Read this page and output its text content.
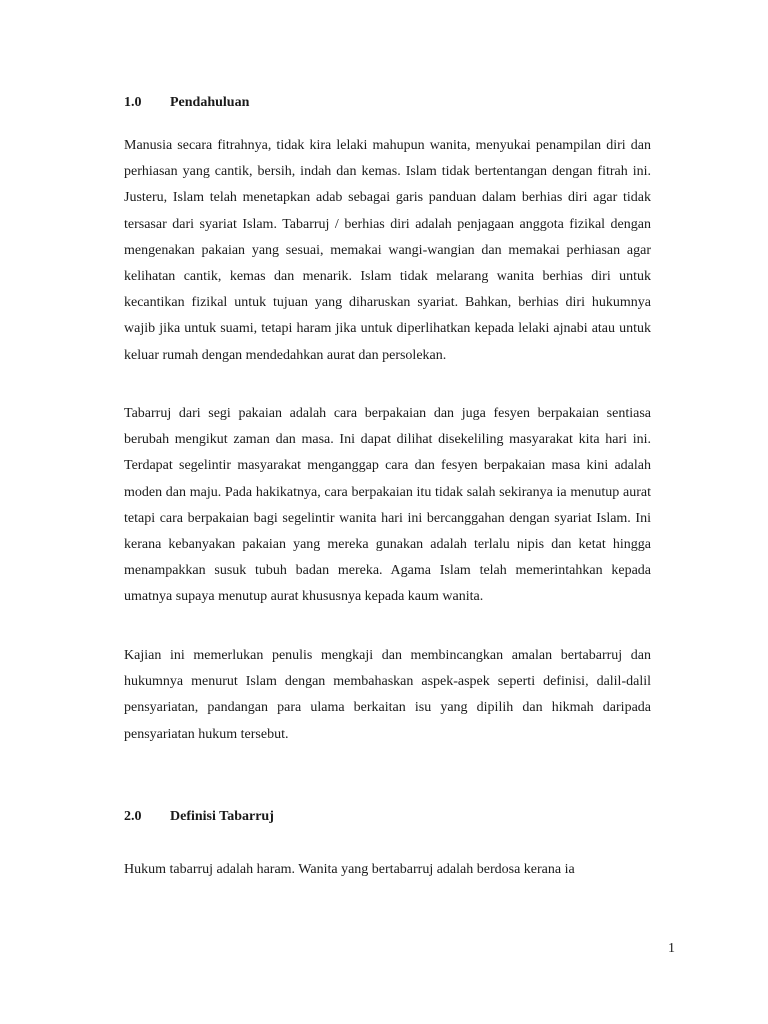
1.0 Pendahuluan

Manusia secara fitrahnya, tidak kira lelaki mahupun wanita, menyukai penampilan diri dan perhiasan yang cantik, bersih, indah dan kemas. Islam tidak bertentangan dengan fitrah ini. Justeru, Islam telah menetapkan adab sebagai garis panduan dalam berhias diri agar tidak tersasar dari syariat Islam. Tabarruj / berhias diri adalah penjagaan anggota fizikal dengan mengenakan pakaian yang sesuai, memakai wangi-wangian dan memakai perhiasan agar kelihatan cantik, kemas dan menarik. Islam tidak melarang wanita berhias diri untuk kecantikan fizikal untuk tujuan yang diharuskan syariat. Bahkan, berhias diri hukumnya wajib jika untuk suami, tetapi haram jika untuk diperlihatkan kepada lelaki ajnabi atau untuk keluar rumah dengan mendedahkan aurat dan persolekan.

Tabarruj dari segi pakaian adalah cara berpakaian dan juga fesyen berpakaian sentiasa berubah mengikut zaman dan masa. Ini dapat dilihat disekeliling masyarakat kita hari ini. Terdapat segelintir masyarakat menganggap cara dan fesyen berpakaian masa kini adalah moden dan maju. Pada hakikatnya, cara berpakaian itu tidak salah sekiranya ia menutup aurat tetapi cara berpakaian bagi segelintir wanita hari ini bercanggahan dengan syariat Islam. Ini kerana kebanyakan pakaian yang mereka gunakan adalah terlalu nipis dan ketat hingga menampakkan susuk tubuh badan mereka. Agama Islam telah memerintahkan kepada umatnya supaya menutup aurat khususnya kepada kaum wanita.

Kajian ini memerlukan penulis mengkaji dan membincangkan amalan bertabarruj dan hukumnya menurut Islam dengan membahaskan aspek-aspek seperti definisi, dalil-dalil pensyariatan, pandangan para ulama berkaitan isu yang dipilih dan hikmah daripada pensyariatan hukum tersebut.

2.0 Definisi Tabarruj

Hukum tabarruj adalah haram. Wanita yang bertabarruj adalah berdosa kerana ia

1
